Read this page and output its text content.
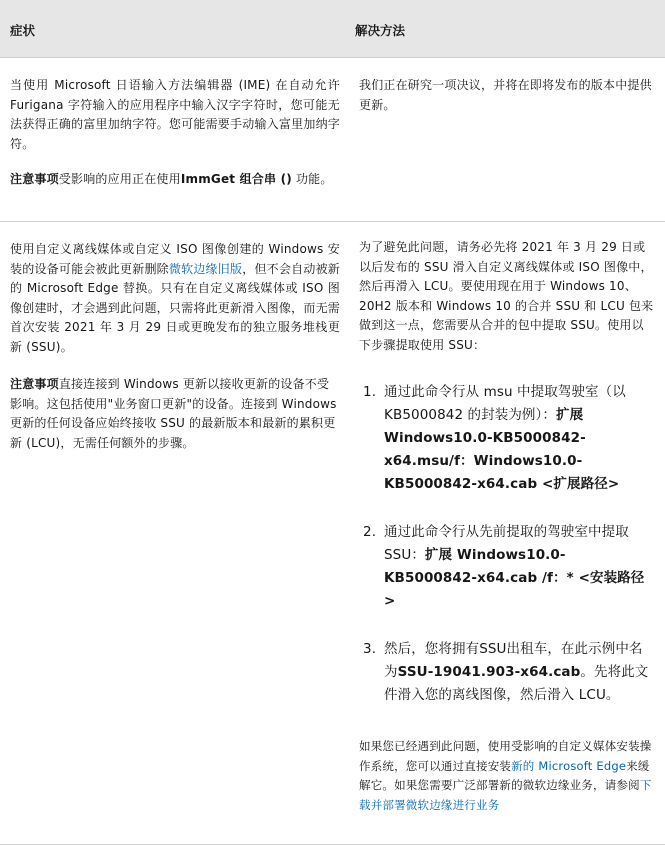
症状	解决方法

当使用 Microsoft 日语输入方法编辑器 (IME) 在自动允许 Furigana 字符输入的应用程序中输入汉字字符时，您可能无法获得正确的富里加纳字符。您可能需要手动输入富里加纳字符。

注意事项受影响的应用正在使用ImmGet 组合串 () 功能。

我们正在研究一项决议，并将在即将发布的版本中提供更新。

使用自定义离线媒体或自定义 ISO 图像创建的 Windows 安装的设备可能会被此更新删除微软边缘旧版，但不会自动被新的 Microsoft Edge 替换。只有在自定义离线媒体或 ISO 图像创建时，才会遇到此问题，只需将此更新滑入图像，而无需首次安装 2021 年 3 月 29 日或更晚发布的独立服务堆栈更新 (SSU)。

注意事项直接连接到 Windows 更新以接收更新的设备不受影响。这包括使用"业务窗口更新"的设备。连接到 Windows 更新的任何设备应始终接收 SSU 的最新版本和最新的累积更新 (LCU)，无需任何额外的步骤。

为了避免此问题，请务必先将 2021 年 3 月 29 日或以后发布的 SSU 滑入自定义离线媒体或 ISO 图像中，然后再滑入 LCU。要使用现在用于 Windows 10、20H2 版本和 Windows 10 的合并 SSU 和 LCU 包来做到这一点，您需要从合并的包中提取 SSU。使用以下步骤提取使用 SSU：

1. 通过此命令行从 msu 中提取驾驶室（以 KB5000842 的封装为例）：扩展 Windows10.0-KB5000842-x64.msu/f：Windows10.0-KB5000842-x64.cab <扩展路径>
2. 通过此命令行从先前提取的驾驶室中提取 SSU：扩展 Windows10.0-KB5000842-x64.cab /f：* <安装路径>
3. 然后，您将拥有SSU出租车，在此示例中名为SSU-19041.903-x64.cab。先将此文件滑入您的离线图像，然后滑入 LCU。

如果您已经遇到此问题，使用受影响的自定义媒体安装操作系统，您可以通过直接安装新的 Microsoft Edge来缓解它。如果您需要广泛部署新的微软边缘业务，请参阅下载并部署微软边缘进行业务
